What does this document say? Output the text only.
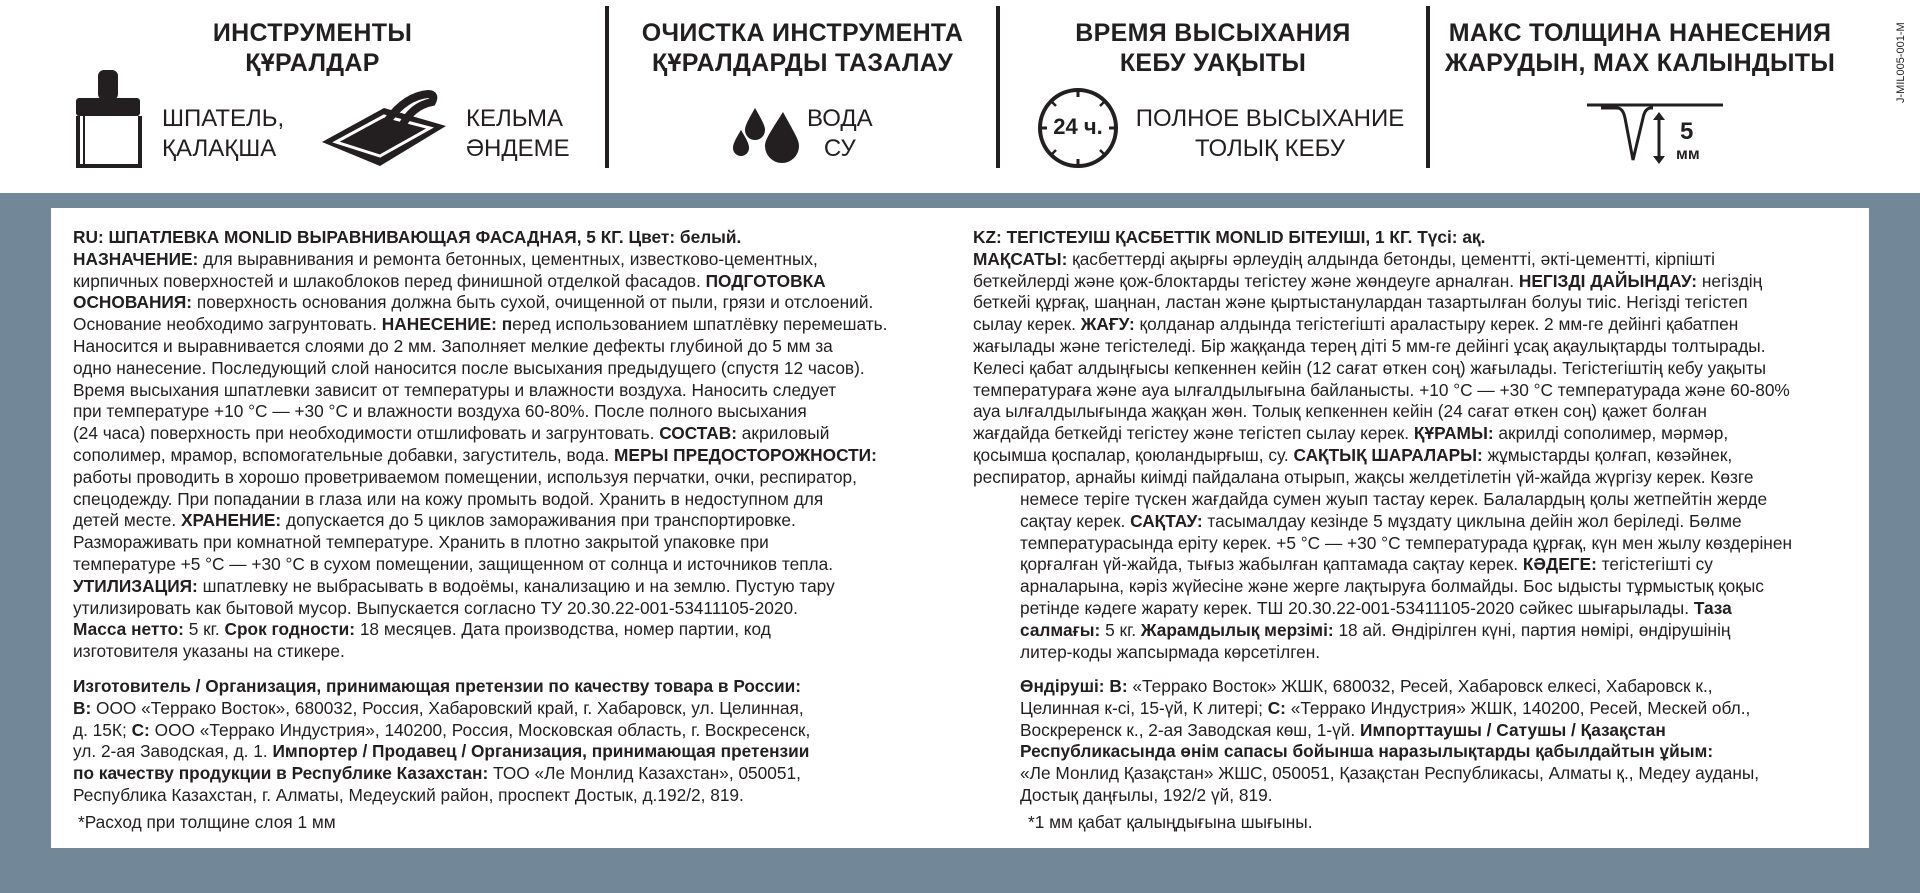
ИНСТРУМЕНТЫ
ҚҰРАЛДАР
ШПАТЕЛЬ,
ҚАЛАҚША
КЕЛЬМА
ӘНДЕМЕ
ОЧИСТКА ИНСТРУМЕНТА
ҚҰРАЛДАРДЫ ТАЗАЛАУ
ВОДА
СУ
ВРЕМЯ ВЫСЫХАНИЯ
КЕБУ УАҚЫТЫ
24 ч.	ПОЛНОЕ ВЫСЫХАНИЕ
ТОЛЫҚ КЕБУ
МАКС ТОЛЩИНА НАНЕСЕНИЯ
ЖАРУДЫН, MAX КАЛЫНДЫТЫ
5
мм
J-MIL005-001-M
RU: ШПАТЛЕВКА MONLID ВЫРАВНИВАЮЩАЯ ФАСАДНАЯ, 5 КГ. Цвет: белый.
НАЗНАЧЕНИЕ: для выравнивания и ремонта бетонных, цементных, известково-цементных,
кирпичных поверхностей и шлакоблоков перед финишной отделкой фасадов. ПОДГОТОВКА
ОСНОВАНИЯ: поверхность основания должна быть сухой, очищенной от пыли, грязи и отслоений.
Основание необходимо загрунтовать. НАНЕСЕНИЕ: перед использованием шпатлёвку перемешать.
Наносится и выравнивается слоями до 2 мм. Заполняет мелкие дефекты глубиной до 5 мм за
одно нанесение. Последующий слой наносится после высыхания предыдущего (спустя 12 часов).
Время высыхания шпатлевки зависит от температуры и влажности воздуха. Наносить следует
при температуре +10 °С — +30 °С и влажности воздуха 60-80%. После полного высыхания
(24 часа) поверхность при необходимости отшлифовать и загрунтовать. СОСТАВ: акриловый
сополимер, мрамор, вспомогательные добавки, загуститель, вода. МЕРЫ ПРЕДОСТОРОЖНОСТИ:
работы проводить в хорошо проветриваемом помещении, используя перчатки, очки, респиратор,
спецодежду. При попадании в глаза или на кожу промыть водой. Хранить в недоступном для
детей месте. ХРАНЕНИЕ: допускается до 5 циклов замораживания при транспортировке.
Размораживать при комнатной температуре. Хранить в плотно закрытой упаковке при
температуре +5 °С — +30 °С в сухом помещении, защищенном от солнца и источников тепла.
УТИЛИЗАЦИЯ: шпатлевку не выбрасывать в водоёмы, канализацию и на землю. Пустую тару
утилизировать как бытовой мусор. Выпускается согласно ТУ 20.30.22-001-53411105-2020.
Масса нетто: 5 кг. Срок годности: 18 месяцев. Дата производства, номер партии, код
изготовителя указаны на стикере.
Изготовитель / Организация, принимающая претензии по качеству товара в России:
В: ООО «Террако Восток», 680032, Россия, Хабаровский край, г. Хабаровск, ул. Целинная,
д. 15К; С: ООО «Террако Индустрия», 140200, Россия, Московская область, г. Воскресенск,
ул. 2-ая Заводская, д. 1. Импортер / Продавец / Организация, принимающая претензии
по качеству продукции в Республике Казахстан: ТОО «Ле Монлид Казахстан», 050051,
Республика Казахстан, г. Алматы, Медеуский район, проспект Достык, д.192/2, 819.
*Расход при толщине слоя 1 мм
KZ: ТЕГІСТЕУІШ ҚАСБЕТТІК MONLID БІТЕУІШІ, 1 КГ. Түсі: ақ.
МАҚСАТЫ: қасбеттерді ақырғы әрлеудің алдында бетонды, цементті, әкті-цементті, кірпішті
беткейлерді және қож-блоктарды тегістеу және жөндеуге арналған. НЕГІЗДІ ДАЙЫНДАУ: негіздің
беткейі құрғақ, шаңнан, ластан және қыртыстанулардан тазартылған болуы тиіс. Негізді тегістеп
сылау керек. ЖАҒУ: қолданар алдында тегістегішті араластыру керек. 2 мм-ге дейінгі қабатпен
жағылады және тегістеледі. Бір жаққанда терең діті 5 мм-ге дейінгі ұсақ ақаулықтарды толтырады.
Келесі қабат алдыңғысы кепкеннен кейін (12 сағат өткен соң) жағылады. Тегістегіштің кебу уақыты
температураға және ауа ылғалдылығына байланысты. +10 °C — +30 °C температурада және 60-80%
ауа ылғалдылығында жаққан жөн. Толық кепкеннен кейін (24 сағат өткен соң) қажет болған
жағдайда беткейді тегістеу және тегістеп сылау керек. ҚҰРАМЫ: акрилді сополимер, мәрмәр,
қосымша қоспалар, қоюландырғыш, су. САҚТЫҚ ШАРАЛАРЫ: жұмыстарды қолғап, көзәйнек,
респиратор, арнайы киімді пайдалана отырып, жақсы желдетілетін үй-жайда жүргізу керек. Көзге
немесе теріге түскен жағдайда сумен жуып тастау керек. Балалардың қолы жетпейтін жерде
сақтау керек. САҚТАУ: тасымалдау кезінде 5 мұздату циклына дейін жол беріледі. Бөлме
температурасында еріту керек. +5 °C — +30 °C температурада құрғақ, күн мен жылу көздерінен
қорғалған үй-жайда, тығыз жабылған қаптамада сақтау керек. КӘДЕГЕ: тегістегішті су
арналарына, кәріз жүйесіне және жерге лақтыруға болмайды. Бос ыдысты тұрмыстық қоқыс
ретінде кәдеге жарату керек. ТШ 20.30.22-001-53411105-2020 сәйкес шығарылады. Таза
салмағы: 5 кг. Жарамдылық мерзімі: 18 ай. Өндірілген күні, партия нөмірі, өндірушінің
литер-коды жапсырмада көрсетілген.
Өндіруші: В: «Террако Восток» ЖШК, 680032, Ресей, Хабаровск елкесі, Хабаровск к.,
Целинная к-сі, 15-үй, К литері; С: «Террако Индустрия» ЖШК, 140200, Ресей, Мескей обл.,
Воскреренск к., 2-ая Заводская көш, 1-үй. Импорттаушы / Сатушы / Қазақстан
Республикасында өнім сапасы бойынша наразылықтарды қабылдайтын ұйым:
«Ле Монлид Қазақстан» ЖШС, 050051, Қазақстан Республикасы, Алматы қ., Медеу ауданы,
Достық даңғылы, 192/2 үй, 819.
*1 мм қабат қалыңдығына шығыны.
